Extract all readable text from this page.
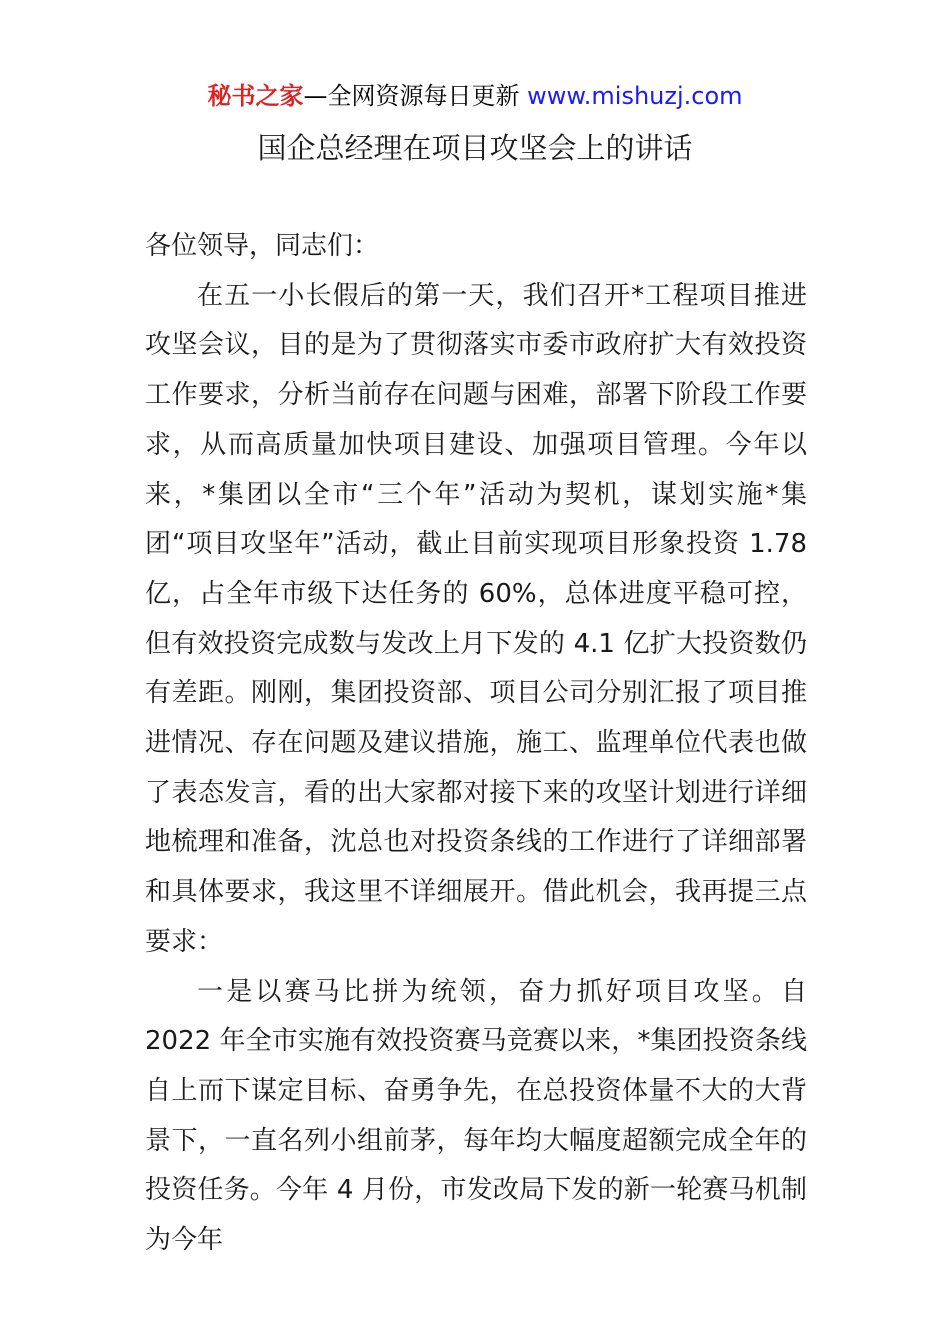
秘书之家—全网资源每日更新 www.mishuzj.com
国企总经理在项目攻坚会上的讲话

各位领导，同志们：

在五一小长假后的第一天，我们召开*工程项目推进攻坚会议，目的是为了贯彻落实市委市政府扩大有效投资工作要求，分析当前存在问题与困难，部署下阶段工作要求，从而高质量加快项目建设、加强项目管理。今年以来，*集团以全市“三个年”活动为契机，谋划实施*集团“项目攻坚年”活动，截止目前实现项目形象投资 1.78 亿，占全年市级下达任务的 60%，总体进度平稳可控，但有效投资完成数与发改上月下发的 4.1 亿扩大投资数仍有差距。刚刚，集团投资部、项目公司分别汇报了项目推进情况、存在问题及建议措施，施工、监理单位代表也做了表态发言，看的出大家都对接下来的攻坚计划进行详细地梳理和准备，沈总也对投资条线的工作进行了详细部署和具体要求，我这里不详细展开。借此机会，我再提三点要求：

一是以赛马比拼为统领，奋力抓好项目攻坚。自 2022 年全市实施有效投资赛马竞赛以来，*集团投资条线自上而下谋定目标、奋勇争先，在总投资体量不大的大背景下，一直名列小组前茅，每年均大幅度超额完成全年的投资任务。今年 4 月份，市发改局下发的新一轮赛马机制为今年
